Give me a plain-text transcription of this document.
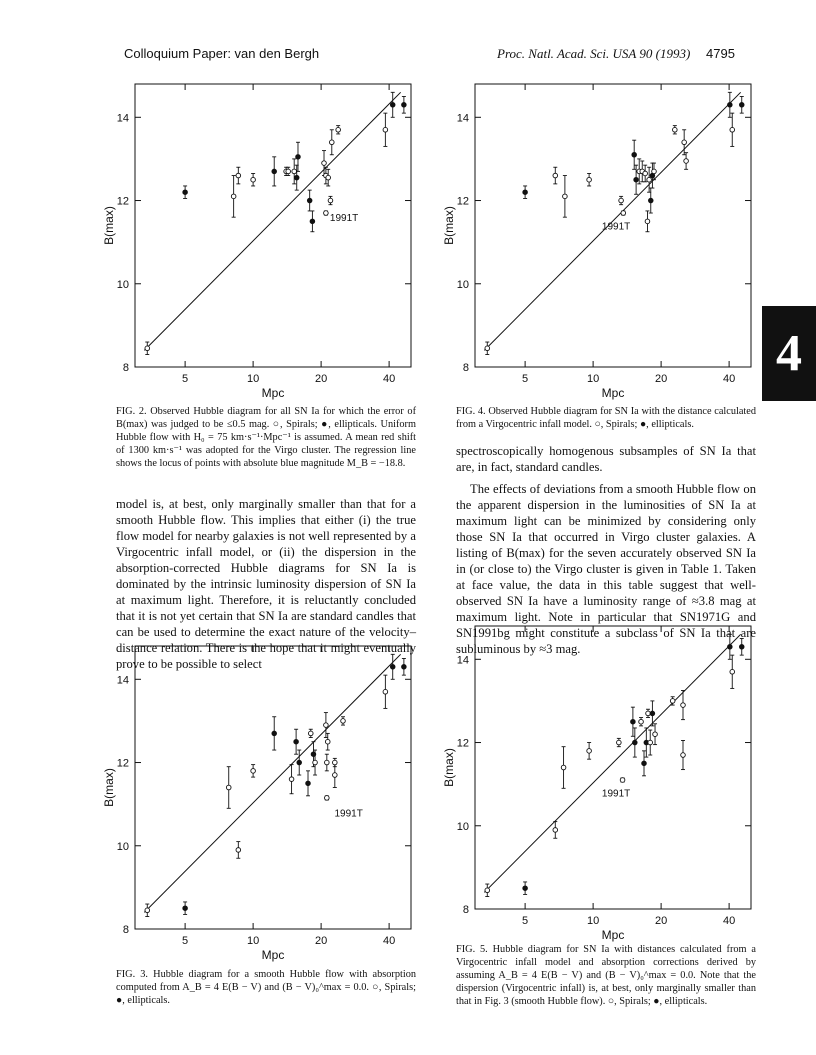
Colloquium Paper: van den Bergh	Proc. Natl. Acad. Sci. USA 90 (1993) 4795
4
8
10
12
14
5	10	20	40
Mpc
B(max)	1991T
8
10
12
14
5	10	20	40
Mpc
B(max)	1991T
8
10
12
14
5	10	20	40
Mpc
B(max)
1991T
8
10
12
14
5	10	20	40
Mpc
B(max)
1991T
FIG. 2. Observed Hubble diagram for all SN Ia for which the error of B(max) was judged to be ≤0.5 mag. ○, Spirals; ●, ellipticals. Uniform Hubble flow with H₀ = 75 km·s⁻¹·Mpc⁻¹ is assumed. A mean red shift of 1300 km·s⁻¹ was adopted for the Virgo cluster. The regression line shows the locus of points with absolute blue magnitude M_B = −18.8.
FIG. 4. Observed Hubble diagram for SN Ia with the distance calculated from a Virgocentric infall model. ○, Spirals; ●, ellipticals.
FIG. 3. Hubble diagram for a smooth Hubble flow with absorption computed from A_B = 4 E(B − V) and (B − V)₀^max = 0.0. ○, Spirals; ●, ellipticals.
FIG. 5. Hubble diagram for SN Ia with distances calculated from a Virgocentric infall model and absorption corrections derived by assuming A_B = 4 E(B − V) and (B − V)₀^max = 0.0. Note that the dispersion (Virgocentric infall) is, at best, only marginally smaller than that in Fig. 3 (smooth Hubble flow). ○, Spirals; ●, ellipticals.

model is, at best, only marginally smaller than that for a smooth Hubble flow. This implies that either (i) the true flow model for nearby galaxies is not well represented by a Virgocentric infall model, or (ii) the dispersion in the absorption-corrected Hubble diagrams for SN Ia is dominated by the intrinsic luminosity dispersion of SN Ia at maximum light. Therefore, it is reluctantly concluded that it is not yet certain that SN Ia are standard candles that can be used to determine the exact nature of the velocity–distance relation. There is the hope that it might eventually prove to be possible to select

spectroscopically homogenous subsamples of SN Ia that are, in fact, standard candles.

The effects of deviations from a smooth Hubble flow on the apparent dispersion in the luminosities of SN Ia at maximum light can be minimized by considering only those SN Ia that occurred in Virgo cluster galaxies. A listing of B(max) for the seven accurately observed SN Ia in (or close to) the Virgo cluster is given in Table 1. Taken at face value, the data in this table suggest that well-observed SN Ia have a luminosity range of ≈3.8 mag at maximum light. Note in particular that SN1971G and SN1991bg might constitute a subclass of SN Ia that are subluminous by ≈3 mag.
